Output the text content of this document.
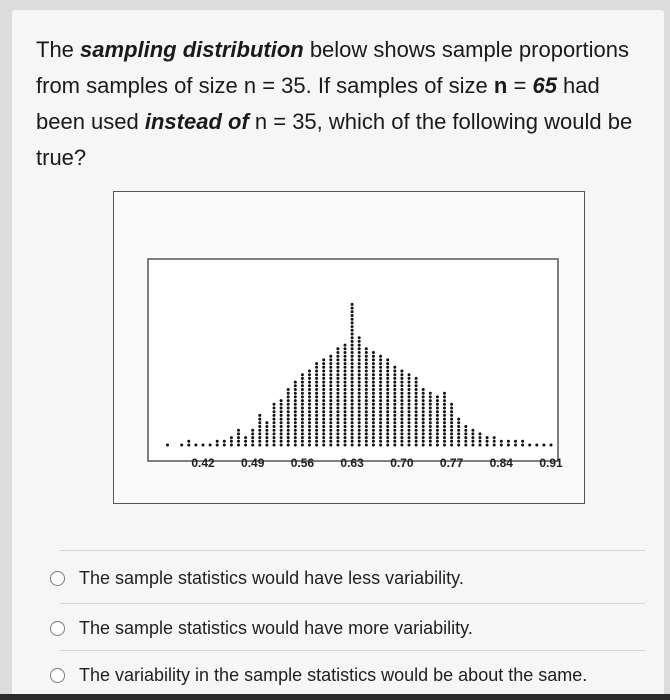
The sampling distribution below shows sample proportions from samples of size n = 35. If samples of size n = 65 had been used instead of n = 35, which of the following would be true?

0.42 0.49 0.56 0.63 0.70 0.77 0.84 0.91
The sample statistics would have less variability.
The sample statistics would have more variability.
The variability in the sample statistics would be about the same.
